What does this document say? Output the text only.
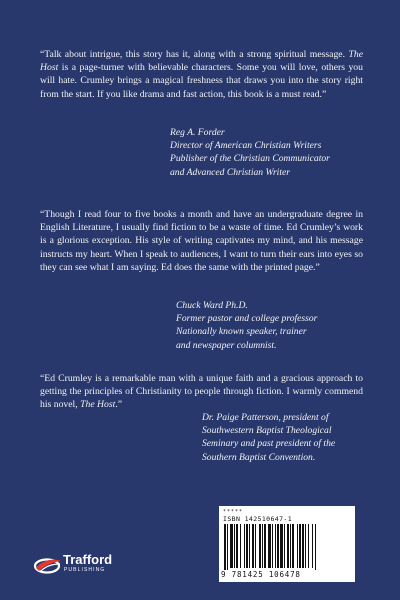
“Talk about intrigue, this story has it, along with a strong spiritual message. The Host is a page-turner with believable characters. Some you will love, others you will hate. Crumley brings a magical freshness that draws you into the story right from the start. If you like drama and fast action, this book is a must read.”

Reg A. Forder
Director of American Christian Writers
Publisher of the Christian Communicator
and Advanced Christian Writer

“Though I read four to five books a month and have an undergraduate degree in English Literature, I usually find fiction to be a waste of time. Ed Crumley’s work is a glorious exception. His style of writing captivates my mind, and his message instructs my heart. When I speak to audiences, I want to turn their ears into eyes so they can see what I am saying. Ed does the same with the printed page.”

Chuck Ward Ph.D.
Former pastor and college professor
Nationally known speaker, trainer
and newspaper columnist.

“Ed Crumley is a remarkable man with a unique faith and a gracious approach to getting the principles of Christianity to people through fiction. I warmly commend his novel, The Host.”

Dr. Paige Patterson, president of
Southwestern Baptist Theological
Seminary and past president of the
Southern Baptist Convention.
Trafford
PUBLISHING
*****
ISBN 142510647-1
9 781425 106478
